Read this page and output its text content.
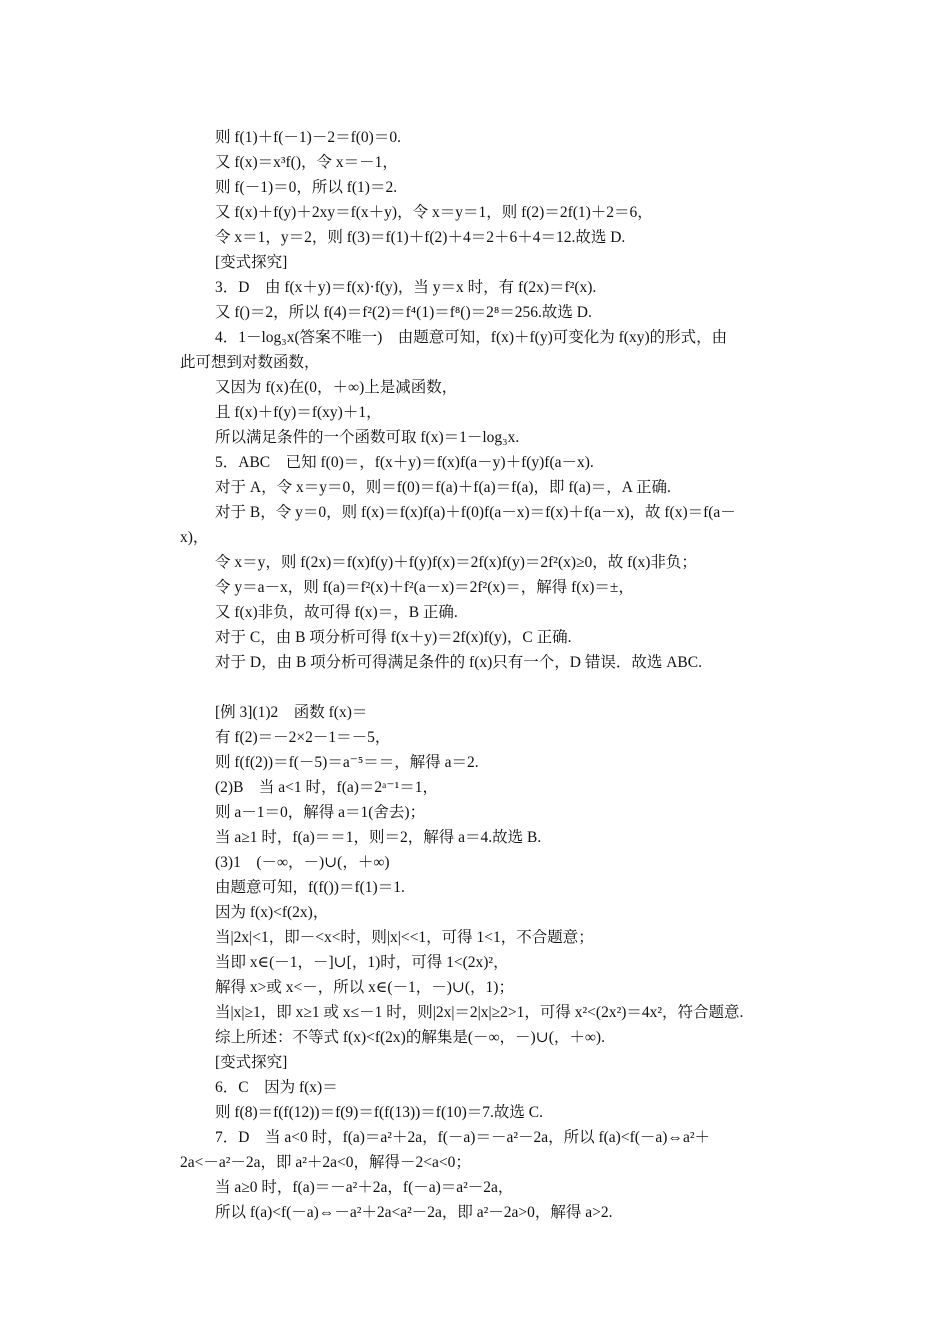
则 f(1)＋f(－1)－2＝f(0)＝0.
又 f(x)＝x³f()，令 x＝－1，
则 f(－1)＝0，所以 f(1)＝2.
又 f(x)＋f(y)＋2xy＝f(x＋y)，令 x＝y＝1，则 f(2)＝2f(1)＋2＝6，
令 x＝1，y＝2，则 f(3)＝f(1)＋f(2)＋4＝2＋6＋4＝12.故选 D.
[变式探究]
3．D　由 f(x＋y)＝f(x)·f(y)，当 y＝x 时，有 f(2x)＝f²(x).
又 f()＝2，所以 f(4)＝f²(2)＝f⁴(1)＝f⁸()＝2⁸＝256.故选 D.
4．1－log₃x(答案不唯一)　由题意可知，f(x)＋f(y)可变化为 f(xy)的形式，由
此可想到对数函数，
又因为 f(x)在(0，＋∞)上是减函数，
且 f(x)＋f(y)＝f(xy)＋1，
所以满足条件的一个函数可取 f(x)＝1－log₃x.
5．ABC　已知 f(0)＝，f(x＋y)＝f(x)f(a－y)＋f(y)f(a－x).
对于 A，令 x＝y＝0，则＝f(0)＝f(a)＋f(a)＝f(a)，即 f(a)＝，A 正确.
对于 B，令 y＝0，则 f(x)＝f(x)f(a)＋f(0)f(a－x)＝f(x)＋f(a－x)，故 f(x)＝f(a－
x)，
令 x＝y，则 f(2x)＝f(x)f(y)＋f(y)f(x)＝2f(x)f(y)＝2f²(x)≥0，故 f(x)非负；
令 y＝a－x，则 f(a)＝f²(x)＋f²(a－x)＝2f²(x)＝，解得 f(x)＝±，
又 f(x)非负，故可得 f(x)＝，B 正确.
对于 C，由 B 项分析可得 f(x＋y)＝2f(x)f(y)，C 正确.
对于 D，由 B 项分析可得满足条件的 f(x)只有一个，D 错误．故选 ABC.
[例 3](1)2　函数 f(x)＝
有 f(2)＝－2×2－1＝－5，
则 f(f(2))＝f(－5)＝a⁻⁵＝＝，解得 a＝2.
(2)B　当 a<1 时，f(a)＝2ᵃ⁻¹＝1，
则 a－1＝0，解得 a＝1(舍去)；
当 a≥1 时，f(a)＝＝1，则＝2，解得 a＝4.故选 B.
(3)1　(－∞，－)∪(，＋∞)
由题意可知，f(f())＝f(1)＝1.
因为 f(x)<f(2x)，
当|2x|<1，即－<x<时，则|x|<<1，可得 1<1，不合题意；
当即 x∈(－1，－]∪[，1)时，可得 1<(2x)²，
解得 x>或 x<－，所以 x∈(－1，－)∪(，1)；
当|x|≥1，即 x≥1 或 x≤－1 时，则|2x|＝2|x|≥2>1，可得 x²<(2x²)＝4x²，符合题意.
综上所述：不等式 f(x)<f(2x)的解集是(－∞，－)∪(，＋∞).
[变式探究]
6．C　因为 f(x)＝
则 f(8)＝f(f(12))＝f(9)＝f(f(13))＝f(10)＝7.故选 C.
7．D　当 a<0 时，f(a)＝a²＋2a，f(－a)＝－a²－2a，所以 f(a)<f(－a)⇔a²＋
2a<－a²－2a，即 a²＋2a<0，解得－2<a<0；
当 a≥0 时，f(a)＝－a²＋2a，f(－a)＝a²－2a，
所以 f(a)<f(－a)⇔－a²＋2a<a²－2a，即 a²－2a>0，解得 a>2.
